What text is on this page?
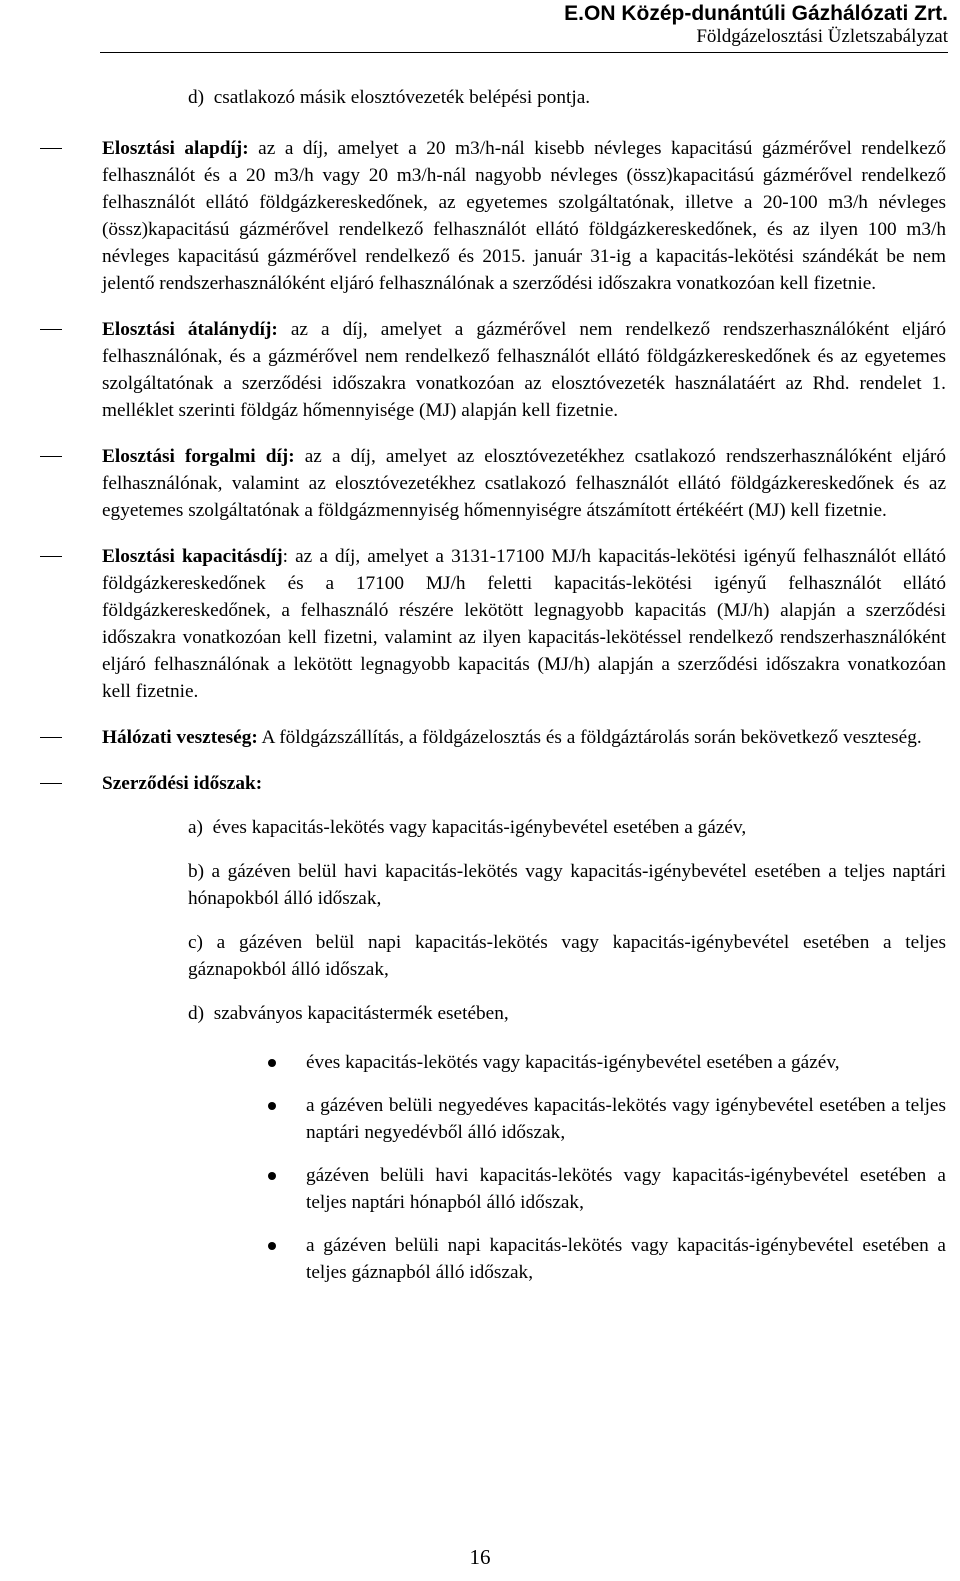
E.ON Közép-dunántúli Gázhálózati Zrt.
Földgázelosztási Üzletszabályzat
d)  csatlakozó másik elosztóvezeték belépési pontja.
Elosztási alapdíj: az a díj, amelyet a 20 m3/h-nál kisebb névleges kapacitású gázmérővel rendelkező felhasználót és a 20 m3/h vagy 20 m3/h-nál nagyobb névleges (össz)kapacitású gázmérővel rendelkező felhasználót ellátó földgázkereskedőnek, az egyetemes szolgáltatónak, illetve a 20-100 m3/h névleges (össz)kapacitású gázmérővel rendelkező felhasználót ellátó földgázkereskedőnek, és az ilyen 100 m3/h névleges kapacitású gázmérővel rendelkező és 2015. január 31-ig a kapacitás-lekötési szándékát be nem jelentő rendszerhasználóként eljáró felhasználónak a szerződési időszakra vonatkozóan kell fizetnie.
Elosztási átalánydíj: az a díj, amelyet a gázmérővel nem rendelkező rendszerhasználóként eljáró felhasználónak, és a gázmérővel nem rendelkező felhasználót ellátó földgázkereskedőnek és az egyetemes szolgáltatónak a szerződési időszakra vonatkozóan az elosztóvezeték használatáért az Rhd. rendelet 1. melléklet szerinti földgáz hőmennyisége (MJ) alapján kell fizetnie.
Elosztási forgalmi díj: az a díj, amelyet az elosztóvezetékhez csatlakozó rendszerhasználóként eljáró felhasználónak, valamint az elosztóvezetékhez csatlakozó felhasználót ellátó földgázkereskedőnek és az egyetemes szolgáltatónak a földgázmennyiség hőmennyiségre átszámított értékéért (MJ) kell fizetnie.
Elosztási kapacitásdíj: az a díj, amelyet a 3131-17100 MJ/h kapacitás-lekötési igényű felhasználót ellátó földgázkereskedőnek és a 17100 MJ/h feletti kapacitás-lekötési igényű felhasználót ellátó földgázkereskedőnek, a felhasználó részére lekötött legnagyobb kapacitás (MJ/h) alapján a szerződési időszakra vonatkozóan kell fizetni, valamint az ilyen kapacitás-lekötéssel rendelkező rendszerhasználóként eljáró felhasználónak a lekötött legnagyobb kapacitás (MJ/h) alapján a szerződési időszakra vonatkozóan kell fizetnie.
Hálózati veszteség: A földgázszállítás, a földgázelosztás és a földgáztárolás során bekövetkező veszteség.
Szerződési időszak:
a)  éves kapacitás-lekötés vagy kapacitás-igénybevétel esetében a gázév,
b) a gázéven belül havi kapacitás-lekötés vagy kapacitás-igénybevétel esetében a teljes naptári hónapokból álló időszak,
c) a gázéven belül napi kapacitás-lekötés vagy kapacitás-igénybevétel esetében a teljes gáznapokból álló időszak,
d)  szabványos kapacitástermék esetében,
éves kapacitás-lekötés vagy kapacitás-igénybevétel esetében a gázév,
a gázéven belüli negyedéves kapacitás-lekötés vagy igénybevétel esetében a teljes naptári negyedévből álló időszak,
gázéven belüli havi kapacitás-lekötés vagy kapacitás-igénybevétel esetében a teljes naptári hónapból álló időszak,
a gázéven belüli napi kapacitás-lekötés vagy kapacitás-igénybevétel esetében a teljes gáznapból álló időszak,
16
